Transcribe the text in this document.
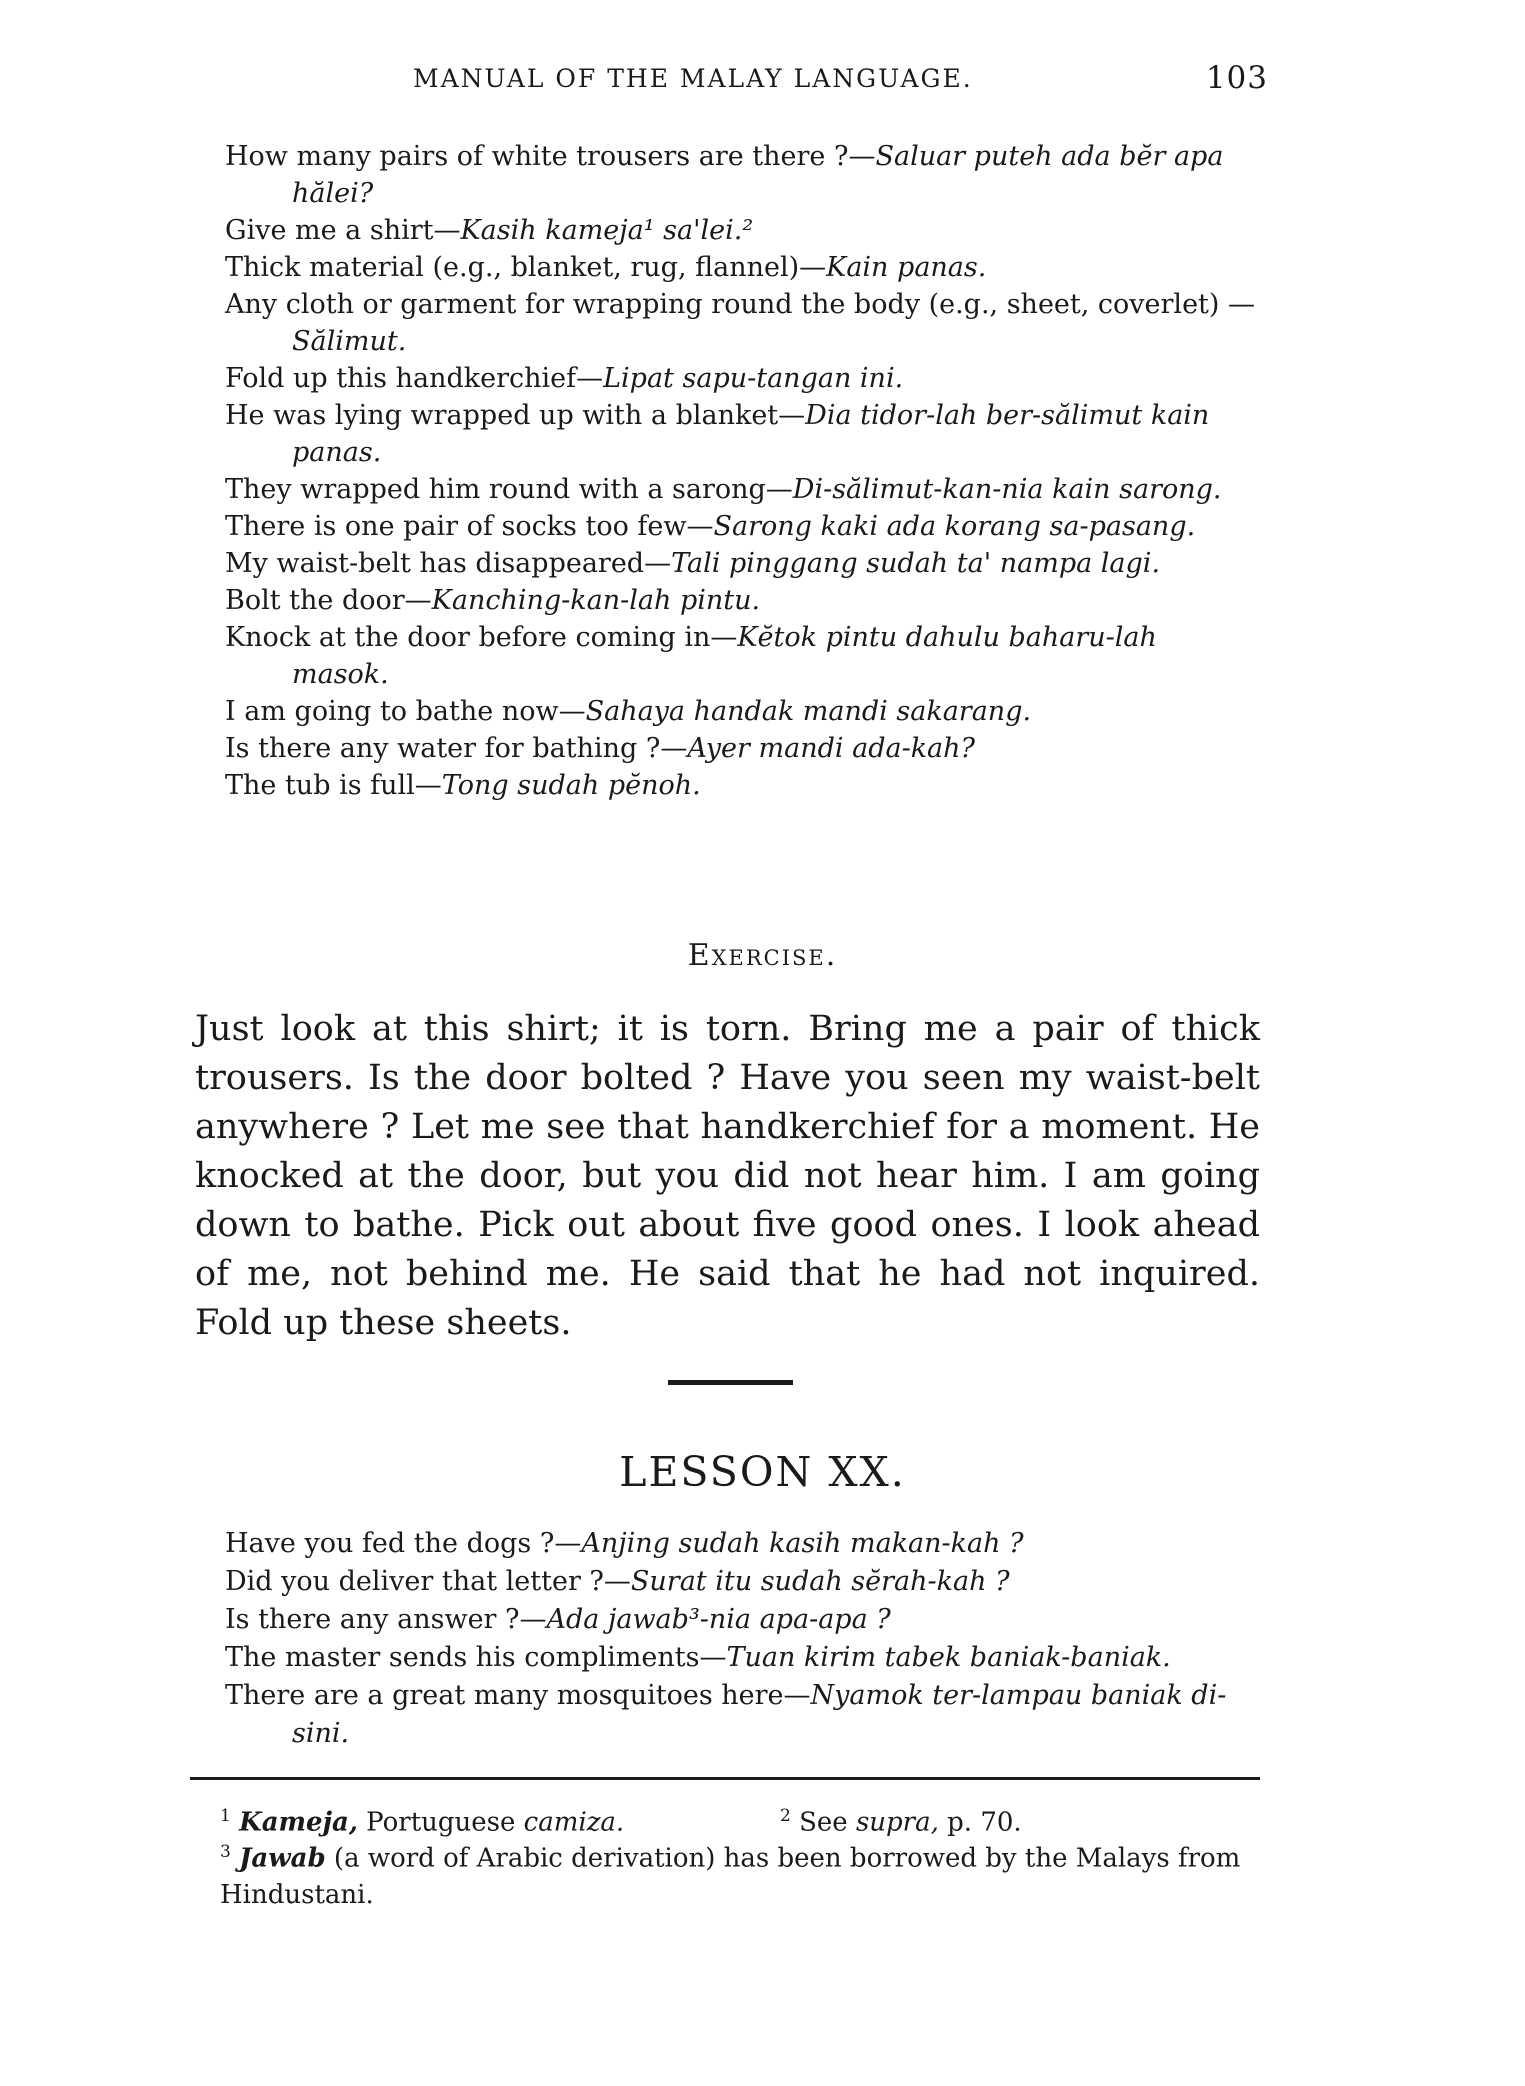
MANUAL OF THE MALAY LANGUAGE.	103

How many pairs of white trousers are there ?—Saluar puteh ada bĕr apa hălei?

Give me a shirt—Kasih kameja¹ sa'lei.²

Thick material (e.g., blanket, rug, flannel)—Kain panas.

Any cloth or garment for wrapping round the body (e.g., sheet, coverlet) —Sălimut.

Fold up this handkerchief—Lipat sapu-tangan ini.

He was lying wrapped up with a blanket—Dia tidor-lah ber-sălimut kain panas.

They wrapped him round with a sarong—Di-sălimut-kan-nia kain sarong.

There is one pair of socks too few—Sarong kaki ada korang sa-pasang.

My waist-belt has disappeared—Tali pinggang sudah ta' nampa lagi.

Bolt the door—Kanching-kan-lah pintu.

Knock at the door before coming in—Kĕtok pintu dahulu baharu-lah masok.

I am going to bathe now—Sahaya handak mandi sakarang.

Is there any water for bathing ?—Ayer mandi ada-kah?

The tub is full—Tong sudah pĕnoh.

Exercise.

Just look at this shirt; it is torn. Bring me a pair of thick trousers. Is the door bolted ? Have you seen my waist-belt anywhere ? Let me see that handkerchief for a moment. He knocked at the door, but you did not hear him. I am going down to bathe. Pick out about five good ones. I look ahead of me, not behind me. He said that he had not inquired. Fold up these sheets.

LESSON XX.

Have you fed the dogs ?—Anjing sudah kasih makan-kah ?

Did you deliver that letter ?—Surat itu sudah sĕrah-kah ?

Is there any answer ?—Ada jawab³-nia apa-apa ?

The master sends his compliments—Tuan kirim tabek baniak-baniak.

There are a great many mosquitoes here—Nyamok ter-lampau baniak di-sini.

$^1$ Kameja, Portuguese camiza.	$^2$ See supra, p. 70.

$^3$ Jawab (a word of Arabic derivation) has been borrowed by the Malays from Hindustani.
